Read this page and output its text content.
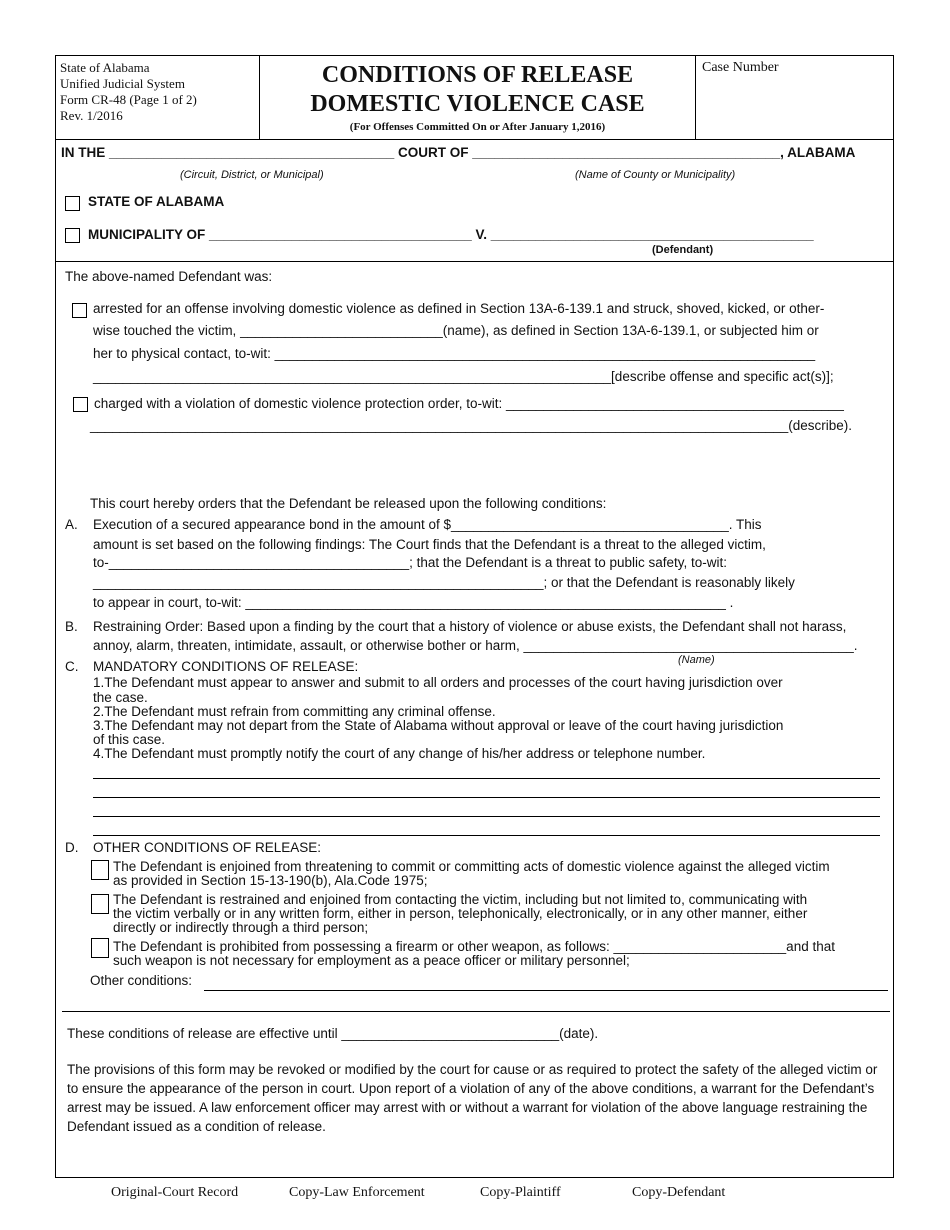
State of Alabama
Unified Judicial System
Form CR-48 (Page 1 of 2)
Rev. 1/2016
CONDITIONS OF RELEASE
DOMESTIC VIOLENCE CASE
(For Offenses Committed On or After January 1,2016)
Case Number
IN THE ______________________________________ COURT OF _________________________________________, ALABAMA
(Circuit, District, or Municipal)	(Name of County or Municipality)
STATE OF ALABAMA
MUNICIPALITY OF ___________________________________ V. ___________________________________________
(Defendant)
The above-named Defendant was:
arrested for an offense involving domestic violence as defined in Section 13A-6-139.1 and struck, shoved, kicked, or other-
wise touched the victim, ___________________________(name), as defined in Section 13A-6-139.1, or subjected him or
her to physical contact, to-wit: ________________________________________________________________________
_____________________________________________________________________[describe offense and specific act(s)];
charged with a violation of domestic violence protection order, to-wit: _____________________________________________
_____________________________________________________________________________________________(describe).
This court hereby orders that the Defendant be released upon the following conditions:
A. Execution of a secured appearance bond in the amount of $_____________________________________. This
amount is set based on the following findings: The Court finds that the Defendant is a threat to the alleged victim,
to-________________________________________; that the Defendant is a threat to public safety, to-wit:
____________________________________________________________; or that the Defendant is reasonably likely
to appear in court, to-wit: ________________________________________________________________ .
B. Restraining Order: Based upon a finding by the court that a history of violence or abuse exists, the Defendant shall not harass,
annoy, alarm, threaten, intimidate, assault, or otherwise bother or harm, ____________________________________________.
(Name)
C. MANDATORY CONDITIONS OF RELEASE:
1.The Defendant must appear to answer and submit to all orders and processes of the court having jurisdiction over
the case.
2.The Defendant must refrain from committing any criminal offense.
3.The Defendant may not depart from the State of Alabama without approval or leave of the court having jurisdiction
of this case.
4.The Defendant must promptly notify the court of any change of his/her address or telephone number.
D. OTHER CONDITIONS OF RELEASE:
The Defendant is enjoined from threatening to commit or committing acts of domestic violence against the alleged victim
as provided in Section 15-13-190(b), Ala.Code 1975;
The Defendant is restrained and enjoined from contacting the victim, including but not limited to, communicating with
the victim verbally or in any written form, either in person, telephonically, electronically, or in any other manner, either
directly or indirectly through a third person;
The Defendant is prohibited from possessing a firearm or other weapon, as follows: _______________________and that
such weapon is not necessary for employment as a peace officer or military personnel;
Other conditions:
These conditions of release are effective until _____________________________(date).
The provisions of this form may be revoked or modified by the court for cause or as required to protect the safety of the alleged victim or to ensure the appearance of the person in court. Upon report of a violation of any of the above conditions, a warrant for the Defendant’s arrest may be issued. A law enforcement officer may arrest with or without a warrant for violation of the above language restraining the Defendant issued as a condition of release.
Original-Court Record	Copy-Law Enforcement	Copy-Plaintiff	Copy-Defendant
